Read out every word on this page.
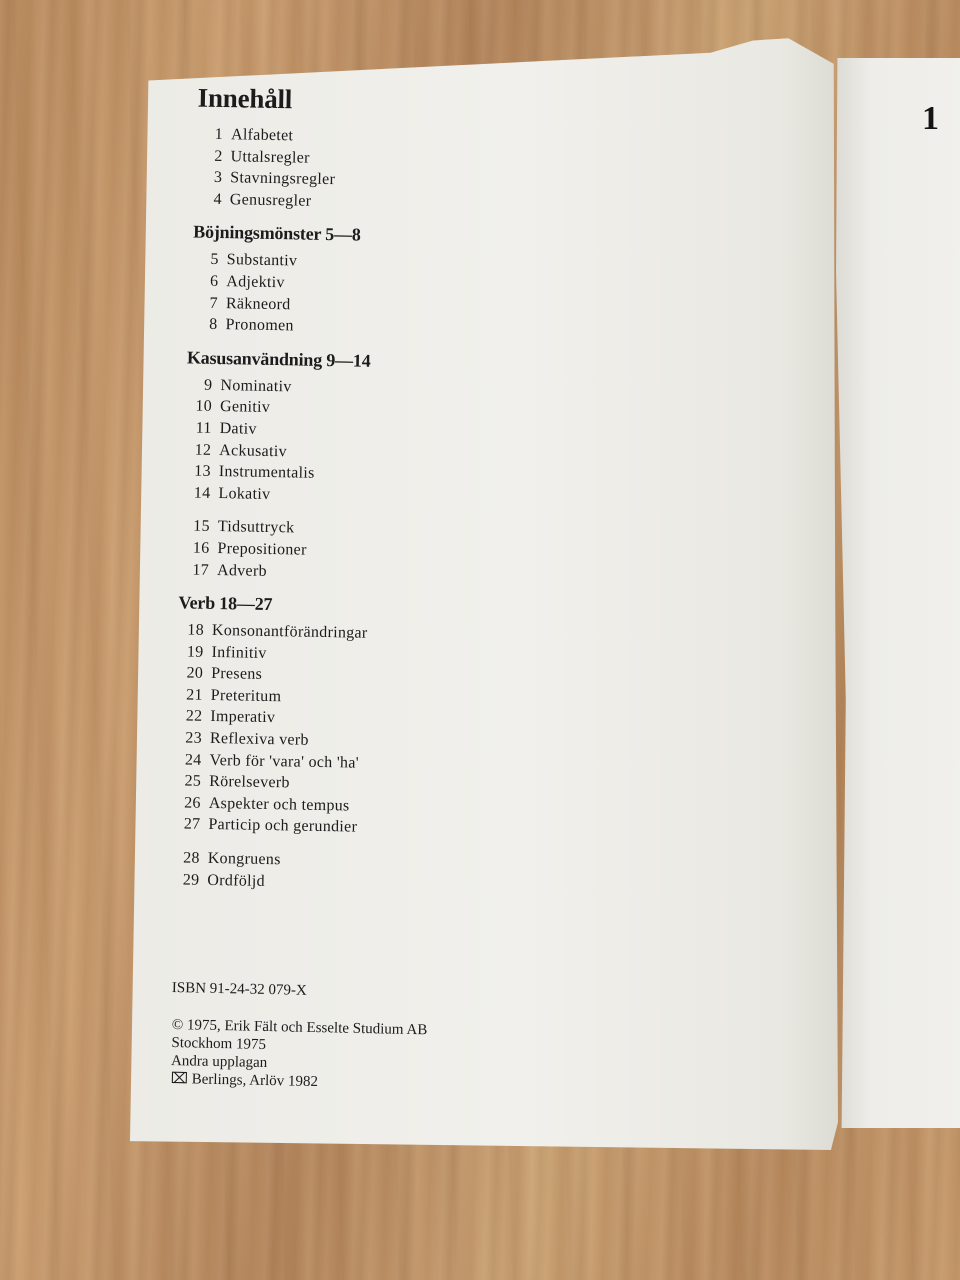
1
Innehåll
1 Alfabetet
2 Uttalsregler
3 Stavningsregler
4 Genusregler
Böjningsmönster 5—8
5 Substantiv
6 Adjektiv
7 Räkneord
8 Pronomen
Kasusanvändning 9—14
9 Nominativ
10 Genitiv
11 Dativ
12 Ackusativ
13 Instrumentalis
14 Lokativ
15 Tidsuttryck
16 Prepositioner
17 Adverb
Verb 18—27
18 Konsonantförändringar
19 Infinitiv
20 Presens
21 Preteritum
22 Imperativ
23 Reflexiva verb
24 Verb för 'vara' och 'ha'
25 Rörelseverb
26 Aspekter och tempus
27 Particip och gerundier
28 Kongruens
29 Ordföljd
ISBN 91-24-32 079-X
© 1975, Erik Fält och Esselte Studium AB
Stockhom 1975
Andra upplagan
⌧ Berlings, Arlöv 1982
